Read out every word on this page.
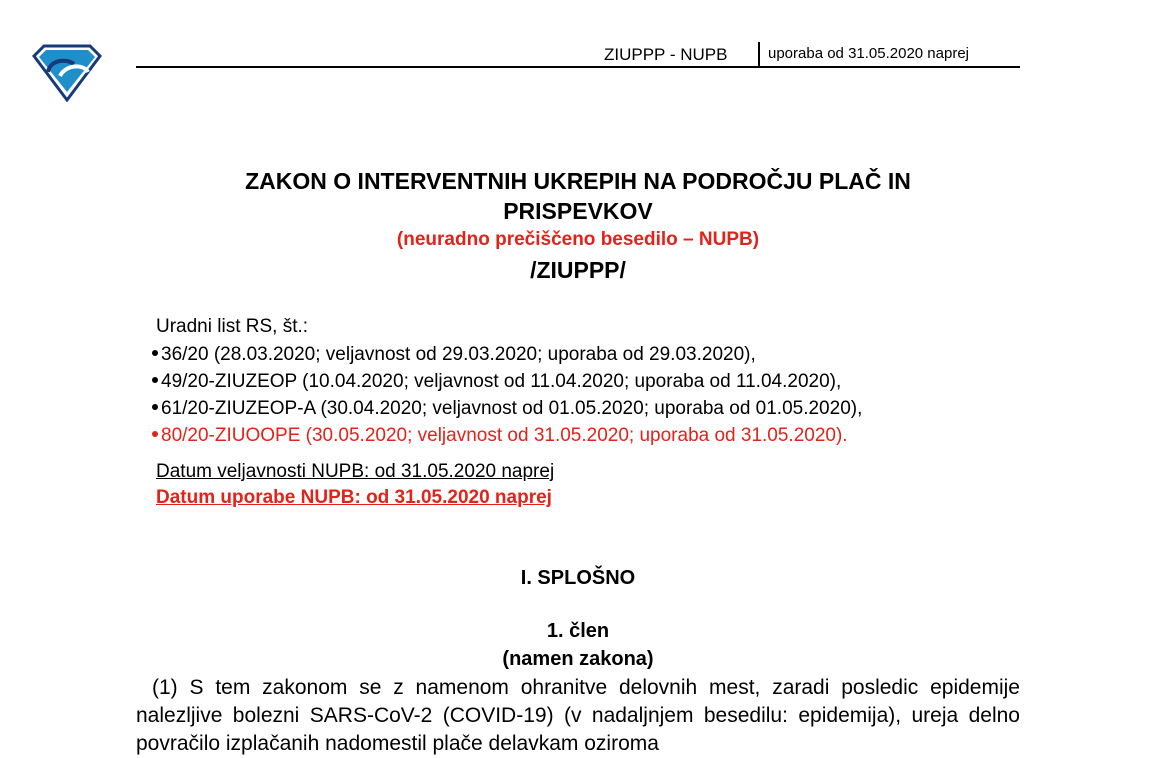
ZIUPPP - NUPB	uporaba od 31.05.2020 naprej
ZAKON O INTERVENTNIH UKREPIH NA PODROČJU PLAČ IN
PRISPEVKOV
(neuradno prečiščeno besedilo – NUPB)
/ZIUPPP/
Uradni list RS, št.:
36/20 (28.03.2020; veljavnost od 29.03.2020; uporaba od 29.03.2020),
49/20-ZIUZEOP (10.04.2020; veljavnost od 11.04.2020; uporaba od 11.04.2020),
61/20-ZIUZEOP-A (30.04.2020; veljavnost od 01.05.2020; uporaba od 01.05.2020),
80/20-ZIUOOPE (30.05.2020; veljavnost od 31.05.2020; uporaba od 31.05.2020).
Datum veljavnosti NUPB: od 31.05.2020 naprej
Datum uporabe NUPB: od 31.05.2020 naprej
I. SPLOŠNO
1. člen
(namen zakona)

(1) S tem zakonom se z namenom ohranitve delovnih mest, zaradi posledic epidemije nalezljive bolezni SARS-CoV-2 (COVID-19) (v nadaljnjem besedilu: epidemija), ureja delno povračilo izplačanih nadomestil plače delavkam oziroma
